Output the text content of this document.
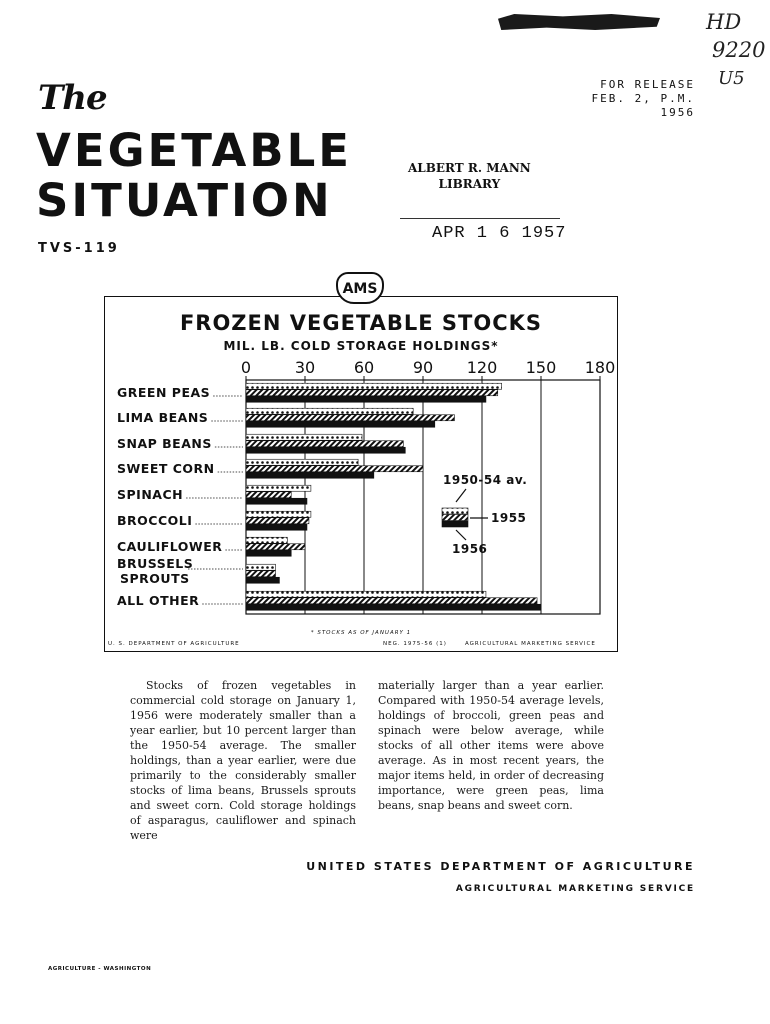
HD
9220
U5
The
VEGETABLE
SITUATION
TVS-119
FOR RELEASE
FEB. 2, P.M.
1956
ALBERT R. MANN
LIBRARY
APR 1 6 1957
AMS
FROZEN VEGETABLE STOCKS
MIL. LB. COLD STORAGE HOLDINGS*
0	30 60 90 120 150 180
GREEN PEAS
LIMA BEANS
SNAP BEANS
SWEET CORN
SPINACH
BROCCOLI
CAULIFLOWER
BRUSSELS
SPROUTS
ALL OTHER
1950-54 av.
1955
1956
* STOCKS AS OF JANUARY 1
U. S. DEPARTMENT OF AGRICULTURE	NEG. 1975-56 (1)	AGRICULTURAL MARKETING SERVICE

Stocks of frozen vegetables in commercial cold storage on January 1, 1956 were moderately smaller than a year earlier, but 10 percent larger than the 1950-54 average. The smaller holdings, than a year earlier, were due primarily to the considerably smaller stocks of lima beans, Brussels sprouts and sweet corn. Cold storage holdings of asparagus, cauliflower and spinach were

materially larger than a year earlier. Compared with 1950-54 average levels, holdings of broccoli, green peas and spinach were below average, while stocks of all other items were above average. As in most recent years, the major items held, in order of decreasing importance, were green peas, lima beans, snap beans and sweet corn.

UNITED STATES DEPARTMENT OF AGRICULTURE
AGRICULTURAL MARKETING SERVICE
AGRICULTURE - WASHINGTON
